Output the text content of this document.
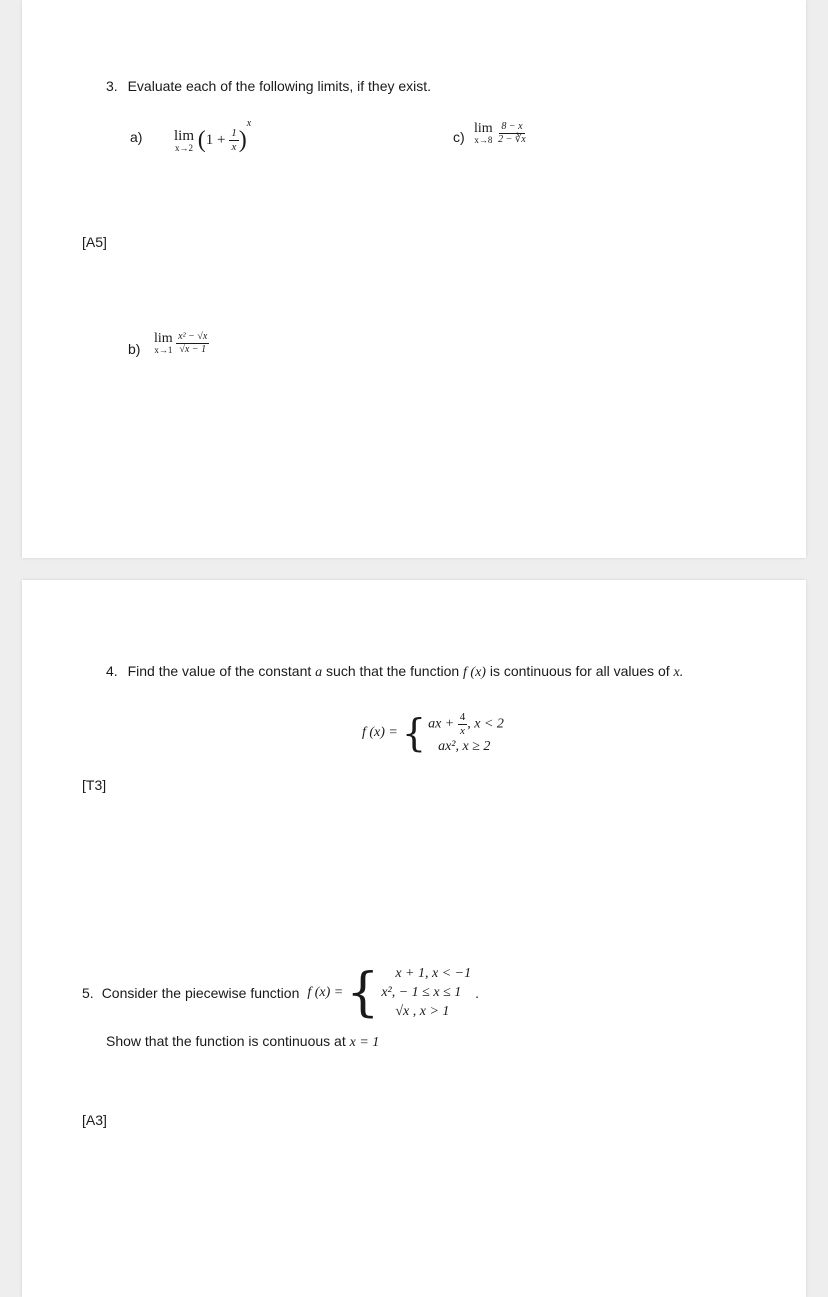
3. Evaluate each of the following limits, if they exist.
a) lim
x→2 $(1 + \frac{1}{x} )^x$
c)
lim
x→8
$\frac{8 - x}{2 - ∛x}$
[A5]
b)
lim
x→1
$\frac{\text{x² − √x}}{√x - 1}$
4. Find the value of the constant a such that the function f (x) is continuous for all values of x.
f (x) = { ax + $\frac{4}{x}$ , x < 2
ax², x ≥ 2
[T3]
5. Consider the piecewise function f (x) = { x + 1, x < −1
x², − 1 ≤ x ≤ 1
√x , x > 1
.
Show that the function is continuous at x = 1
[A3]
